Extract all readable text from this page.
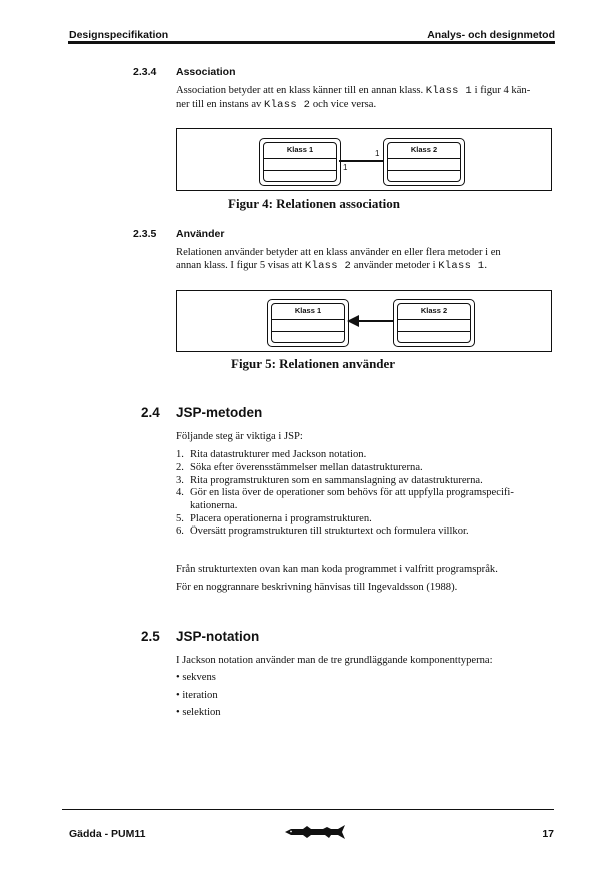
Designspecifikation	Analys- och designmetod
2.3.4 Association

Association betyder att en klass känner till en annan klass. Klass 1 i figur 4 kän-

ner till en instans av Klass 2 och vice versa.

Klass 1	Klass 2
1
1
Figur 4: Relationen association
2.3.5 Använder

Relationen använder betyder att en klass använder en eller flera metoder i en

annan klass. I figur 5 visas att Klass 2 använder metoder i Klass 1.

Klass 1	Klass 2
Figur 5: Relationen använder
2.4 JSP-metoden
Följande steg är viktiga i JSP:
1. Rita datastrukturer med Jackson notation.
2. Söka efter överensstämmelser mellan datastrukturerna.
3. Rita programstrukturen som en sammanslagning av datastrukturerna.
4. Gör en lista över de operationer som behövs för att uppfylla programspecifi-kationerna.
5. Placera operationerna i programstrukturen.
6. Översätt programstrukturen till strukturtext och formulera villkor.
Från strukturtexten ovan kan man koda programmet i valfritt programspråk.
För en noggrannare beskrivning hänvisas till Ingevaldsson (1988).
2.5 JSP-notation
I Jackson notation använder man de tre grundläggande komponenttyperna:
• sekvens
• iteration
• selektion
Gädda - PUM11	17
